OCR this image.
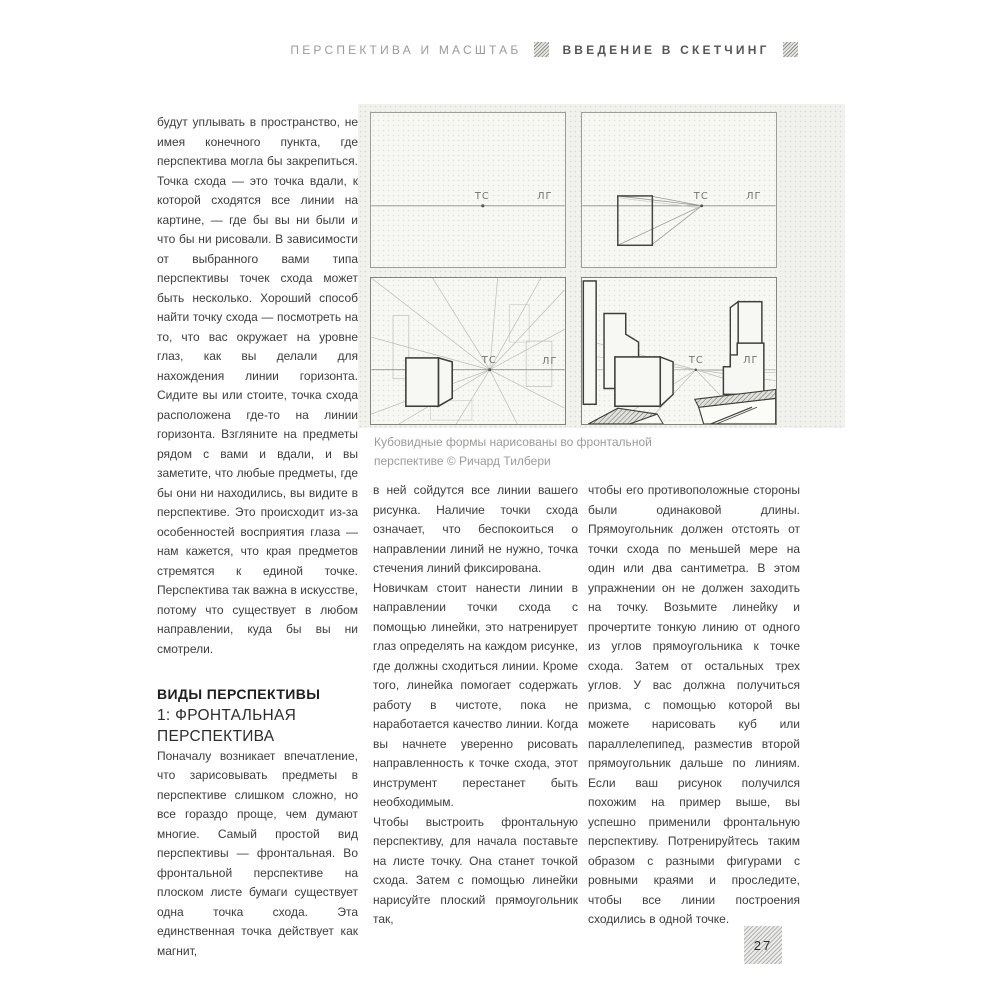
ПЕРСПЕКТИВА И МАСШТАБ	ВВЕДЕНИЕ В СКЕТЧИНГ

будут уплывать в пространство, не имея конечного пункта, где перспектива могла бы закрепиться. Точка схода — это точка вдали, к которой сходятся все линии на картине, — где бы вы ни были и что бы ни рисовали. В зависимости от выбранного вами типа перспективы точек схода может быть несколько. Хороший способ найти точку схода — посмотреть на то, что вас окружает на уровне глаз, как вы делали для нахождения линии горизонта. Сидите вы или стоите, точка схода расположена где-то на линии горизонта. Взгляните на предметы рядом с вами и вдали, и вы заметите, что любые предметы, где бы они ни находились, вы видите в перспективе. Это происходит из-за особенностей восприятия глаза — нам кажется, что края предметов стремятся к единой точке. Перспектива так важна в искусстве, потому что существует в любом направлении, куда бы вы ни смотрели.

ВИДЫ ПЕРСПЕКТИВЫ

1: ФРОНТАЛЬНАЯ ПЕРСПЕКТИВА

Поначалу возникает впечатление, что зарисовывать предметы в перспективе слишком сложно, но все гораздо проще, чем думают многие. Самый простой вид перспективы — фронтальная. Во фронтальной перспективе на плоском листе бумаги существует одна точка схода. Эта единственная точка действует как магнит,

ТС	ЛГ	ТС	ЛГ
ТС	ЛГ	ТС	ЛГ
Кубовидные формы нарисованы во фронтальной перспективе © Ричард Тилбери

в ней сойдутся все линии вашего рисунка. Наличие точки схода означает, что беспокоиться о направлении линий не нужно, точка стечения линий фиксирована.

Новичкам стоит нанести линии в направлении точки схода с помощью линейки, это натренирует глаз определять на каждом рисунке, где должны сходиться линии. Кроме того, линейка помогает содержать работу в чистоте, пока не наработается качество линии. Когда вы начнете уверенно рисовать направленность к точке схода, этот инструмент перестанет быть необходимым.

Чтобы выстроить фронтальную перспективу, для начала поставьте на листе точку. Она станет точкой схода. Затем с помощью линейки нарисуйте плоский прямоугольник так,

чтобы его противоположные стороны были одинаковой длины. Прямоугольник должен отстоять от точки схода по меньшей мере на один или два сантиметра. В этом упражнении он не должен заходить на точку. Возьмите линейку и прочертите тонкую линию от одного из углов прямоугольника к точке схода. Затем от остальных трех углов. У вас должна получиться призма, с помощью которой вы можете нарисовать куб или параллелепипед, разместив второй прямоугольник дальше по линиям. Если ваш рисунок получился похожим на пример выше, вы успешно применили фронтальную перспективу. Потренируйтесь таким образом с разными фигурами с ровными краями и проследите, чтобы все линии построения сходились в одной точке.

27
